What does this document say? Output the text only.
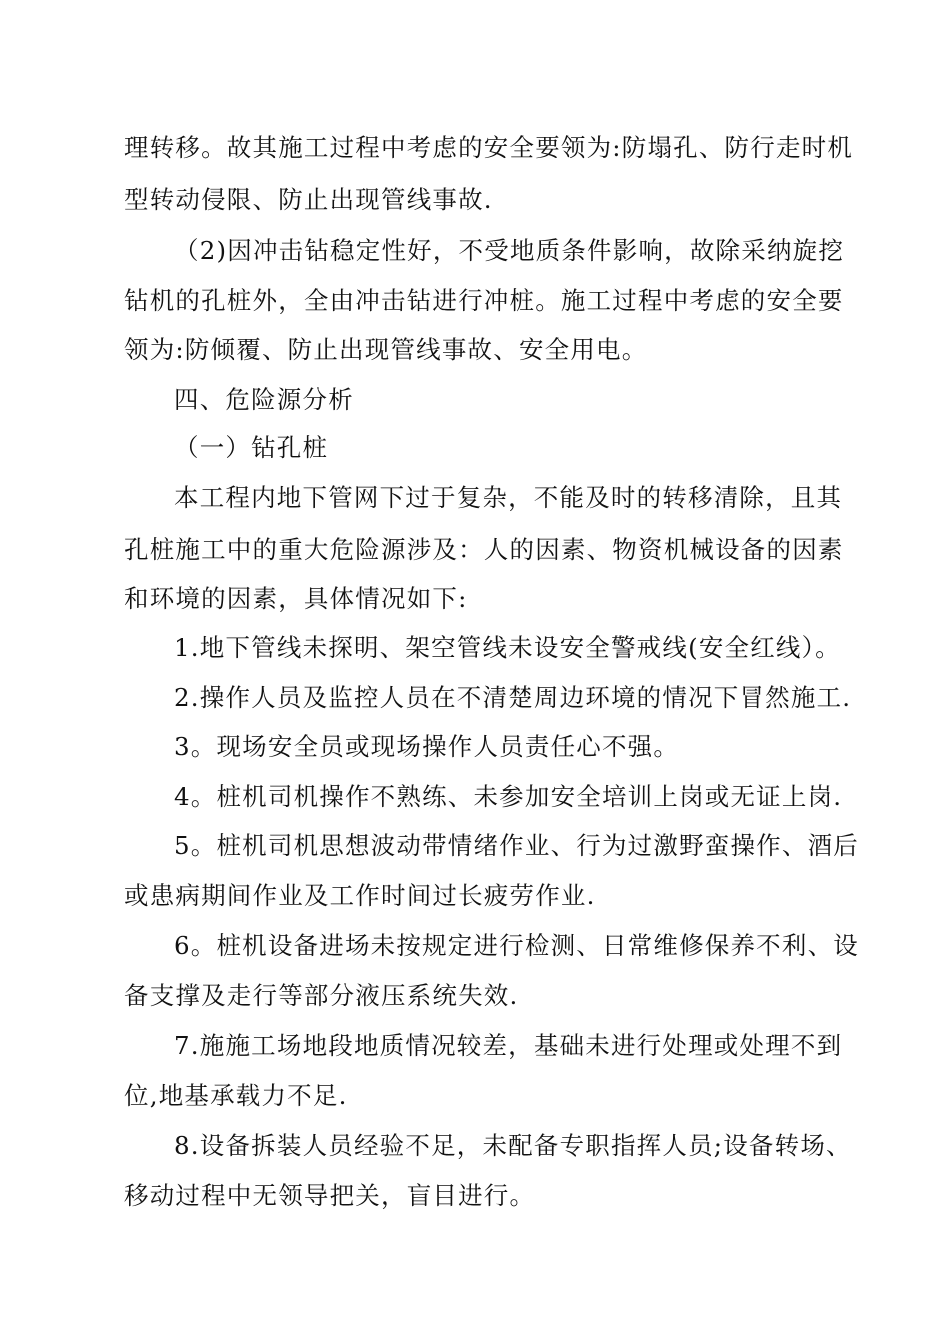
理转移。故其施工过程中考虑的安全要领为:防塌孔、防行走时机
型转动侵限、防止出现管线事故.
（2)因冲击钻稳定性好，不受地质条件影响，故除采纳旋挖
钻机的孔桩外，全由冲击钻进行冲桩。施工过程中考虑的安全要
领为:防倾覆、防止出现管线事故、安全用电。
四、危险源分析
（一）钻孔桩
本工程内地下管网下过于复杂，不能及时的转移清除，且其
孔桩施工中的重大危险源涉及：人的因素、物资机械设备的因素
和环境的因素，具体情况如下:
1.地下管线未探明、架空管线未设安全警戒线(安全红线）。
2.操作人员及监控人员在不清楚周边环境的情况下冒然施工.
3。现场安全员或现场操作人员责任心不强。
4。桩机司机操作不熟练、未参加安全培训上岗或无证上岗.
5。桩机司机思想波动带情绪作业、行为过激野蛮操作、酒后
或患病期间作业及工作时间过长疲劳作业.
6。桩机设备进场未按规定进行检测、日常维修保养不利、设
备支撑及走行等部分液压系统失效.
7.施施工场地段地质情况较差，基础未进行处理或处理不到
位,地基承载力不足.
8.设备拆装人员经验不足，未配备专职指挥人员;设备转场、
移动过程中无领导把关，盲目进行。
